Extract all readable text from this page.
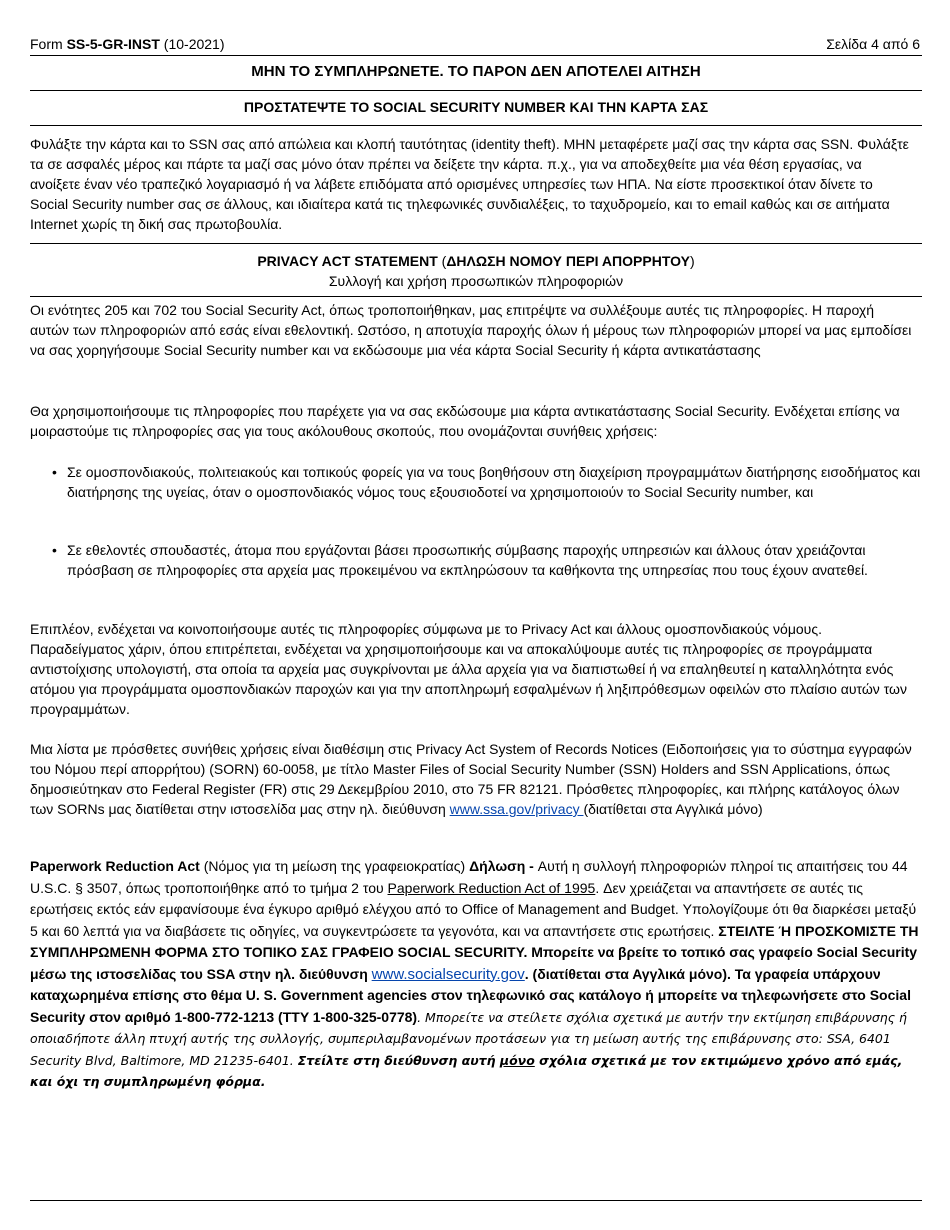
Form SS-5-GR-INST (10-2021)	Σελίδα 4 από 6
ΜΗΝ ΤΟ ΣΥΜΠΛΗΡΩΝΕΤΕ. ΤΟ ΠΑΡΟΝ ΔΕΝ ΑΠΟΤΕΛΕΙ ΑΙΤΗΣΗ
ΠΡΟΣΤΑΤΕΨΤΕ ΤΟ SOCIAL SECURITY NUMBER ΚΑΙ ΤΗΝ ΚΑΡΤΑ ΣΑΣ
Φυλάξτε την κάρτα και το SSN σας από απώλεια και κλοπή ταυτότητας (identity theft). ΜΗΝ μεταφέρετε μαζί σας την κάρτα σας SSN. Φυλάξτε τα σε ασφαλές μέρος και πάρτε τα μαζί σας μόνο όταν πρέπει να δείξετε την κάρτα. π.χ., για να αποδεχθείτε μια νέα θέση εργασίας, να ανοίξετε έναν νέο τραπεζικό λογαριασμό ή να λάβετε επιδόματα από ορισμένες υπηρεσίες των ΗΠΑ. Να είστε προσεκτικοί όταν δίνετε το Social Security number σας σε άλλους, και ιδιαίτερα κατά τις τηλεφωνικές συνδιαλέξεις, το ταχυδρομείο, και το email καθώς και σε αιτήματα Internet χωρίς τη δική σας πρωτοβουλία.
PRIVACY ACT STATEMENT (ΔΗΛΩΣΗ ΝΟΜΟΥ ΠΕΡΙ ΑΠΟΡΡΗΤΟΥ)
Συλλογή και χρήση προσωπικών πληροφοριών
Οι ενότητες 205 και 702 του Social Security Act, όπως τροποποιήθηκαν, μας επιτρέψτε να συλλέξουμε αυτές τις πληροφορίες. Η παροχή αυτών των πληροφοριών από εσάς είναι εθελοντική. Ωστόσο, η αποτυχία παροχής όλων ή μέρους των πληροφοριών μπορεί να μας εμποδίσει να σας χορηγήσουμε Social Security number και να εκδώσουμε μια νέα κάρτα Social Security ή κάρτα αντικατάστασης
Θα χρησιμοποιήσουμε τις πληροφορίες που παρέχετε για να σας εκδώσουμε μια κάρτα αντικατάστασης Social Security. Ενδέχεται επίσης να μοιραστούμε τις πληροφορίες σας για τους ακόλουθους σκοπούς, που ονομάζονται συνήθεις χρήσεις:
• Σε ομοσπονδιακούς, πολιτειακούς και τοπικούς φορείς για να τους βοηθήσουν στη διαχείριση προγραμμάτων διατήρησης εισοδήματος και διατήρησης της υγείας, όταν ο ομοσπονδιακός νόμος τους εξουσιοδοτεί να χρησιμοποιούν το Social Security number, και
• Σε εθελοντές σπουδαστές, άτομα που εργάζονται βάσει προσωπικής σύμβασης παροχής υπηρεσιών και άλλους όταν χρειάζονται πρόσβαση σε πληροφορίες στα αρχεία μας προκειμένου να εκπληρώσουν τα καθήκοντα της υπηρεσίας που τους έχουν ανατεθεί.
Επιπλέον, ενδέχεται να κοινοποιήσουμε αυτές τις πληροφορίες σύμφωνα με το Privacy Act και άλλους ομοσπονδιακούς νόμους. Παραδείγματος χάριν, όπου επιτρέπεται, ενδέχεται να χρησιμοποιήσουμε και να αποκαλύψουμε αυτές τις πληροφορίες σε προγράμματα αντιστοίχισης υπολογιστή, στα οποία τα αρχεία μας συγκρίνονται με άλλα αρχεία για να διαπιστωθεί ή να επαληθευτεί η καταλληλότητα ενός ατόμου για προγράμματα ομοσπονδιακών παροχών και για την αποπληρωμή εσφαλμένων ή ληξιπρόθεσμων οφειλών στο πλαίσιο αυτών των προγραμμάτων.
Μια λίστα με πρόσθετες συνήθεις χρήσεις είναι διαθέσιμη στις Privacy Act System of Records Notices (Ειδοποιήσεις για το σύστημα εγγραφών του Νόμου περί απορρήτου) (SORN) 60-0058, με τίτλο Master Files of Social Security Number (SSN) Holders and SSN Applications, όπως δημοσιεύτηκαν στο Federal Register (FR) στις 29 Δεκεμβρίου 2010, στο 75 FR 82121. Πρόσθετες πληροφορίες, και πλήρης κατάλογος όλων των SORNs μας διατίθεται στην ιστοσελίδα μας στην ηλ. διεύθυνση www.ssa.gov/privacy (διατίθεται στα Αγγλικά μόνο)
Paperwork Reduction Act (Νόμος για τη μείωση της γραφειοκρατίας) Δήλωση - Αυτή η συλλογή πληροφοριών πληροί τις απαιτήσεις του 44 U.S.C. § 3507, όπως τροποποιήθηκε από το τμήμα 2 του Paperwork Reduction Act of 1995. Δεν χρειάζεται να απαντήσετε σε αυτές τις ερωτήσεις εκτός εάν εμφανίσουμε ένα έγκυρο αριθμό ελέγχου από το Office of Management and Budget. Υπολογίζουμε ότι θα διαρκέσει μεταξύ 5 και 60 λεπτά για να διαβάσετε τις οδηγίες, να συγκεντρώσετε τα γεγονότα, και να απαντήσετε στις ερωτήσεις. ΣΤΕΙΛΤΕ Ή ΠΡΟΣΚΟΜΙΣΤΕ ΤΗ ΣΥΜΠΛΗΡΩΜΕΝΗ ΦΟΡΜΑ ΣΤΟ ΤΟΠΙΚΟ ΣΑΣ ΓΡΑΦΕΙΟ SOCIAL SECURITY. Μπορείτε να βρείτε το τοπικό σας γραφείο Social Security μέσω της ιστοσελίδας του SSA στην ηλ. διεύθυνση www.socialsecurity.gov. (διατίθεται στα Αγγλικά μόνο). Τα γραφεία υπάρχουν καταχωρημένα επίσης στο θέμα U. S. Government agencies στον τηλεφωνικό σας κατάλογο ή μπορείτε να τηλεφωνήσετε στο Social Security στον αριθμό 1-800-772-1213 (TTY 1-800-325-0778). Μπορείτε να στείλετε σχόλια σχετικά με αυτήν την εκτίμηση επιβάρυνσης ή οποιαδήποτε άλλη πτυχή αυτής της συλλογής, συμπεριλαμβανομένων προτάσεων για τη μείωση αυτής της επιβάρυνσης στο: SSA, 6401 Security Blvd, Baltimore, MD 21235-6401. Στείλτε στη διεύθυνση αυτή μόνο σχόλια σχετικά με τον εκτιμώμενο χρόνο από εμάς, και όχι τη συμπληρωμένη φόρμα.
